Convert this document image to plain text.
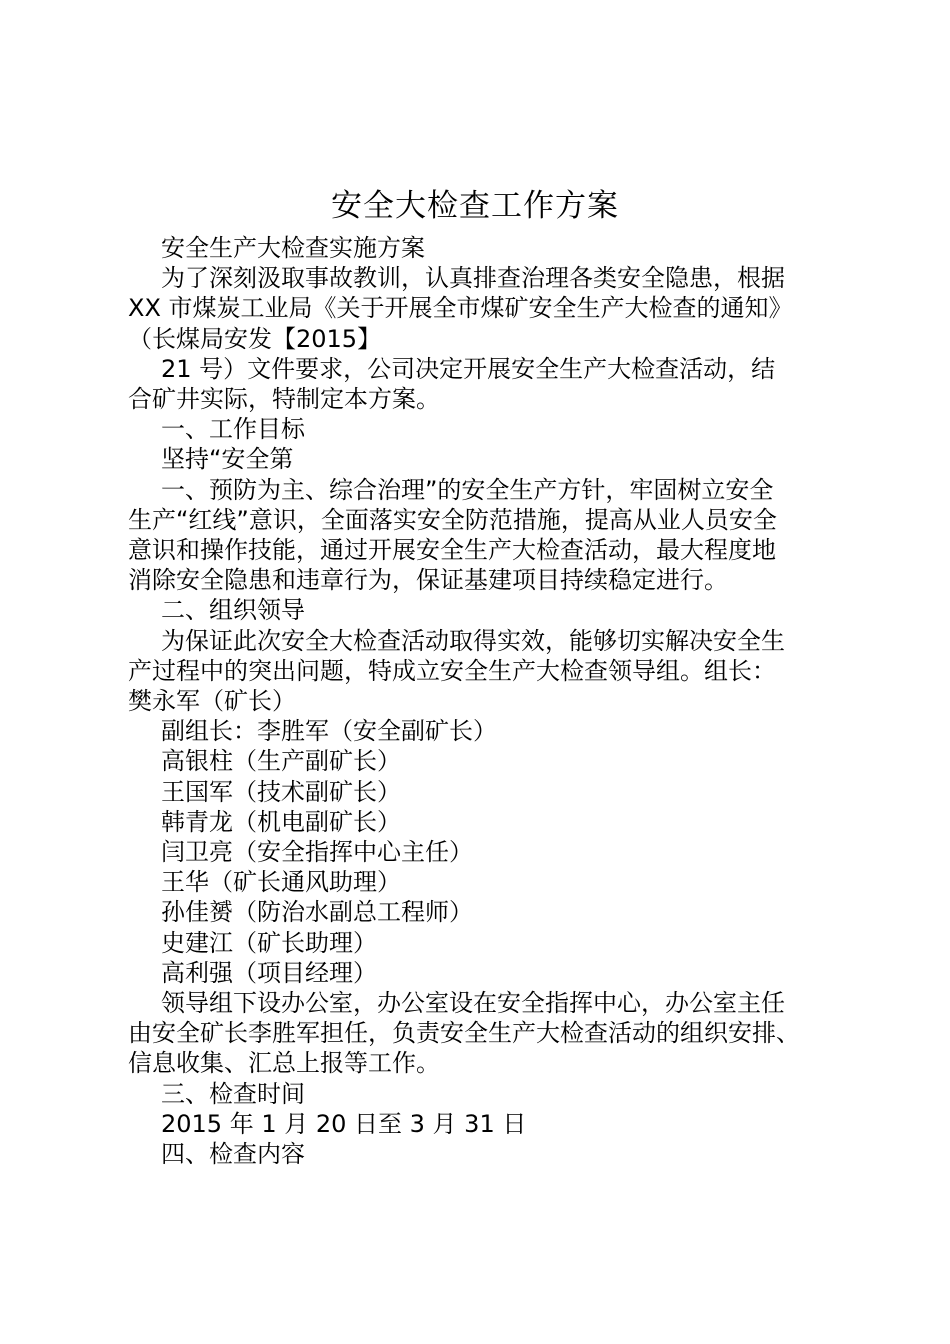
安全大检查工作方案

安全生产大检查实施方案

为了深刻汲取事故教训，认真排查治理各类安全隐患，根据

XX 市煤炭工业局《关于开展全市煤矿安全生产大检查的通知》

（长煤局安发【2015】

21 号）文件要求，公司决定开展安全生产大检查活动，结

合矿井实际，特制定本方案。

一、工作目标

坚持“安全第

一、预防为主、综合治理”的安全生产方针，牢固树立安全

生产“红线”意识，全面落实安全防范措施，提高从业人员安全

意识和操作技能，通过开展安全生产大检查活动，最大程度地

消除安全隐患和违章行为，保证基建项目持续稳定进行。

二、组织领导

为保证此次安全大检查活动取得实效，能够切实解决安全生

产过程中的突出问题，特成立安全生产大检查领导组。组长：

樊永军（矿长）

副组长：李胜军（安全副矿长）

高银柱（生产副矿长）

王国军（技术副矿长）

韩青龙（机电副矿长）

闫卫亮（安全指挥中心主任）

王华（矿长通风助理）

孙佳赟（防治水副总工程师）

史建江（矿长助理）

高利强（项目经理）

领导组下设办公室，办公室设在安全指挥中心，办公室主任

由安全矿长李胜军担任，负责安全生产大检查活动的组织安排、

信息收集、汇总上报等工作。

三、检查时间

2015 年 1 月 20 日至 3 月 31 日

四、检查内容
